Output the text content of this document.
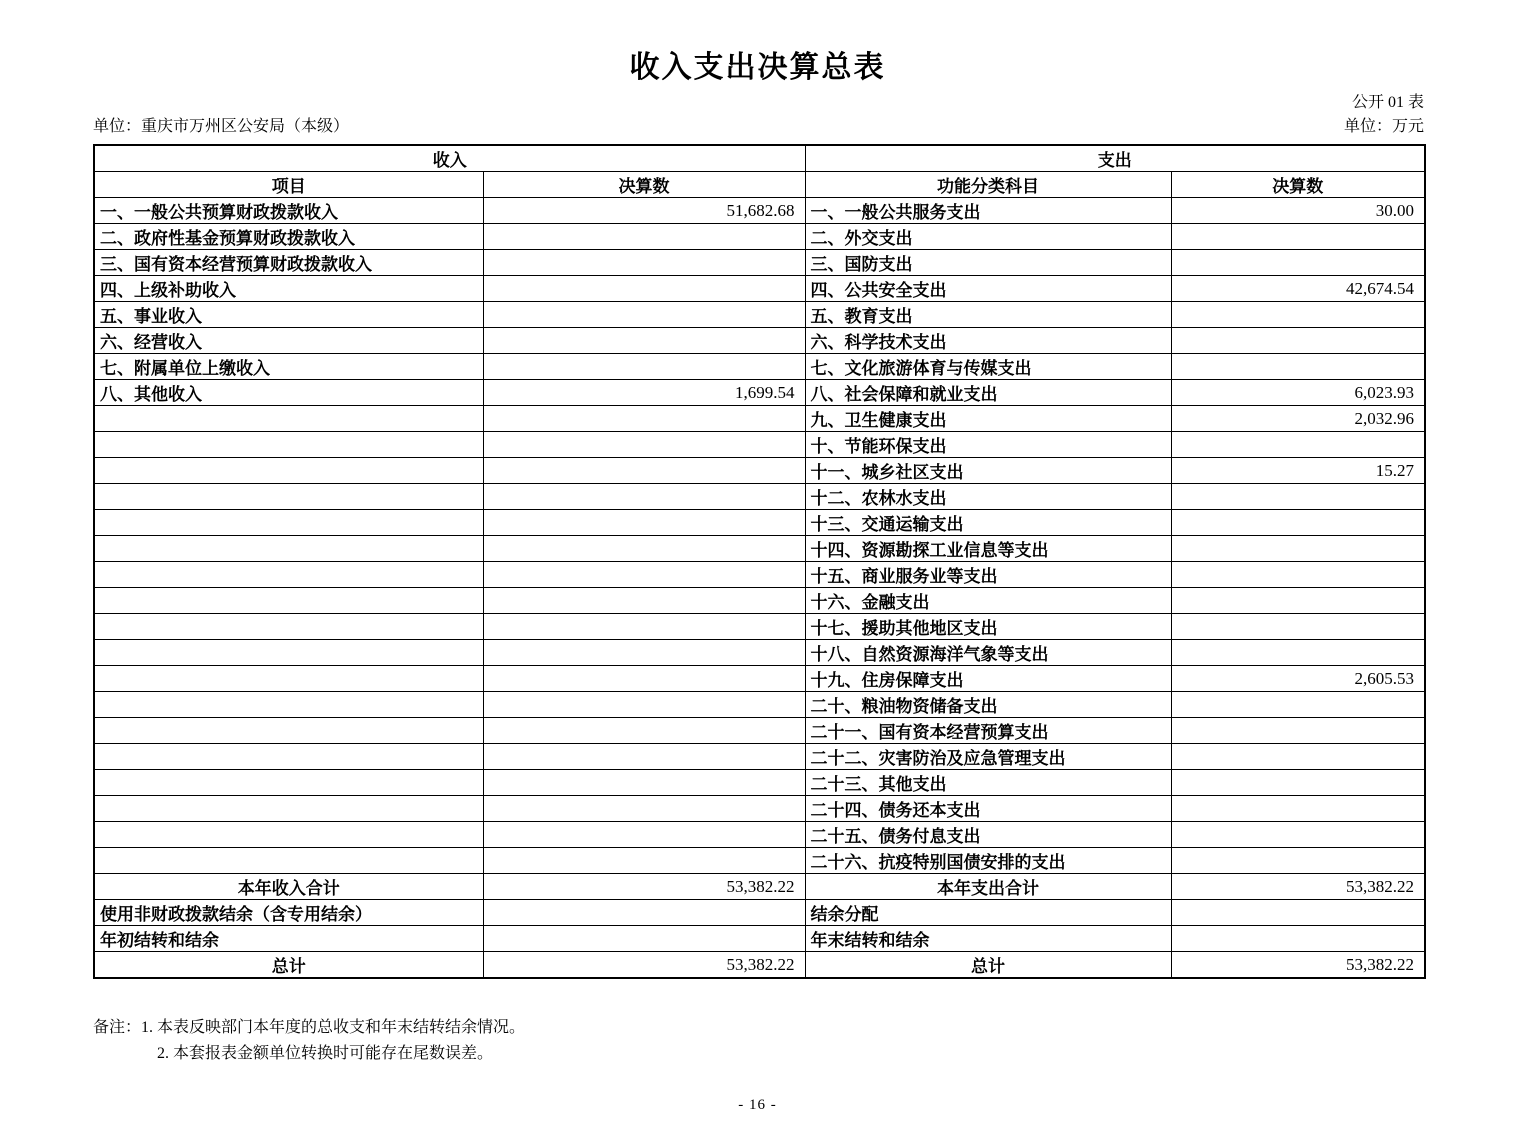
收入支出决算总表
公开 01 表
单位：重庆市万州区公安局（本级）	单位：万元
收入		支出	
项目	决算数	功能分类科目	决算数
一、一般公共预算财政拨款收入	51,682.68	一、一般公共服务支出	30.00
二、政府性基金预算财政拨款收入		二、外交支出	
三、国有资本经营预算财政拨款收入		三、国防支出	
四、上级补助收入		四、公共安全支出	42,674.54
五、事业收入		五、教育支出	
六、经营收入		六、科学技术支出	
七、附属单位上缴收入		七、文化旅游体育与传媒支出	
八、其他收入	1,699.54	八、社会保障和就业支出	6,023.93
		九、卫生健康支出	2,032.96
		十、节能环保支出	
		十一、城乡社区支出	15.27
		十二、农林水支出	
		十三、交通运输支出	
		十四、资源勘探工业信息等支出	
		十五、商业服务业等支出	
		十六、金融支出	
		十七、援助其他地区支出	
		十八、自然资源海洋气象等支出	
		十九、住房保障支出	2,605.53
		二十、粮油物资储备支出	
		二十一、国有资本经营预算支出	
		二十二、灾害防治及应急管理支出	
		二十三、其他支出	
		二十四、债务还本支出	
		二十五、债务付息支出	
		二十六、抗疫特别国债安排的支出	
本年收入合计	53,382.22	本年支出合计	53,382.22
使用非财政拨款结余（含专用结余）		结余分配	
年初结转和结余		年末结转和结余	
总计	53,382.22	总计	53,382.22
备注：1. 本表反映部门本年度的总收支和年末结转结余情况。
2. 本套报表金额单位转换时可能存在尾数误差。
- 16 -
